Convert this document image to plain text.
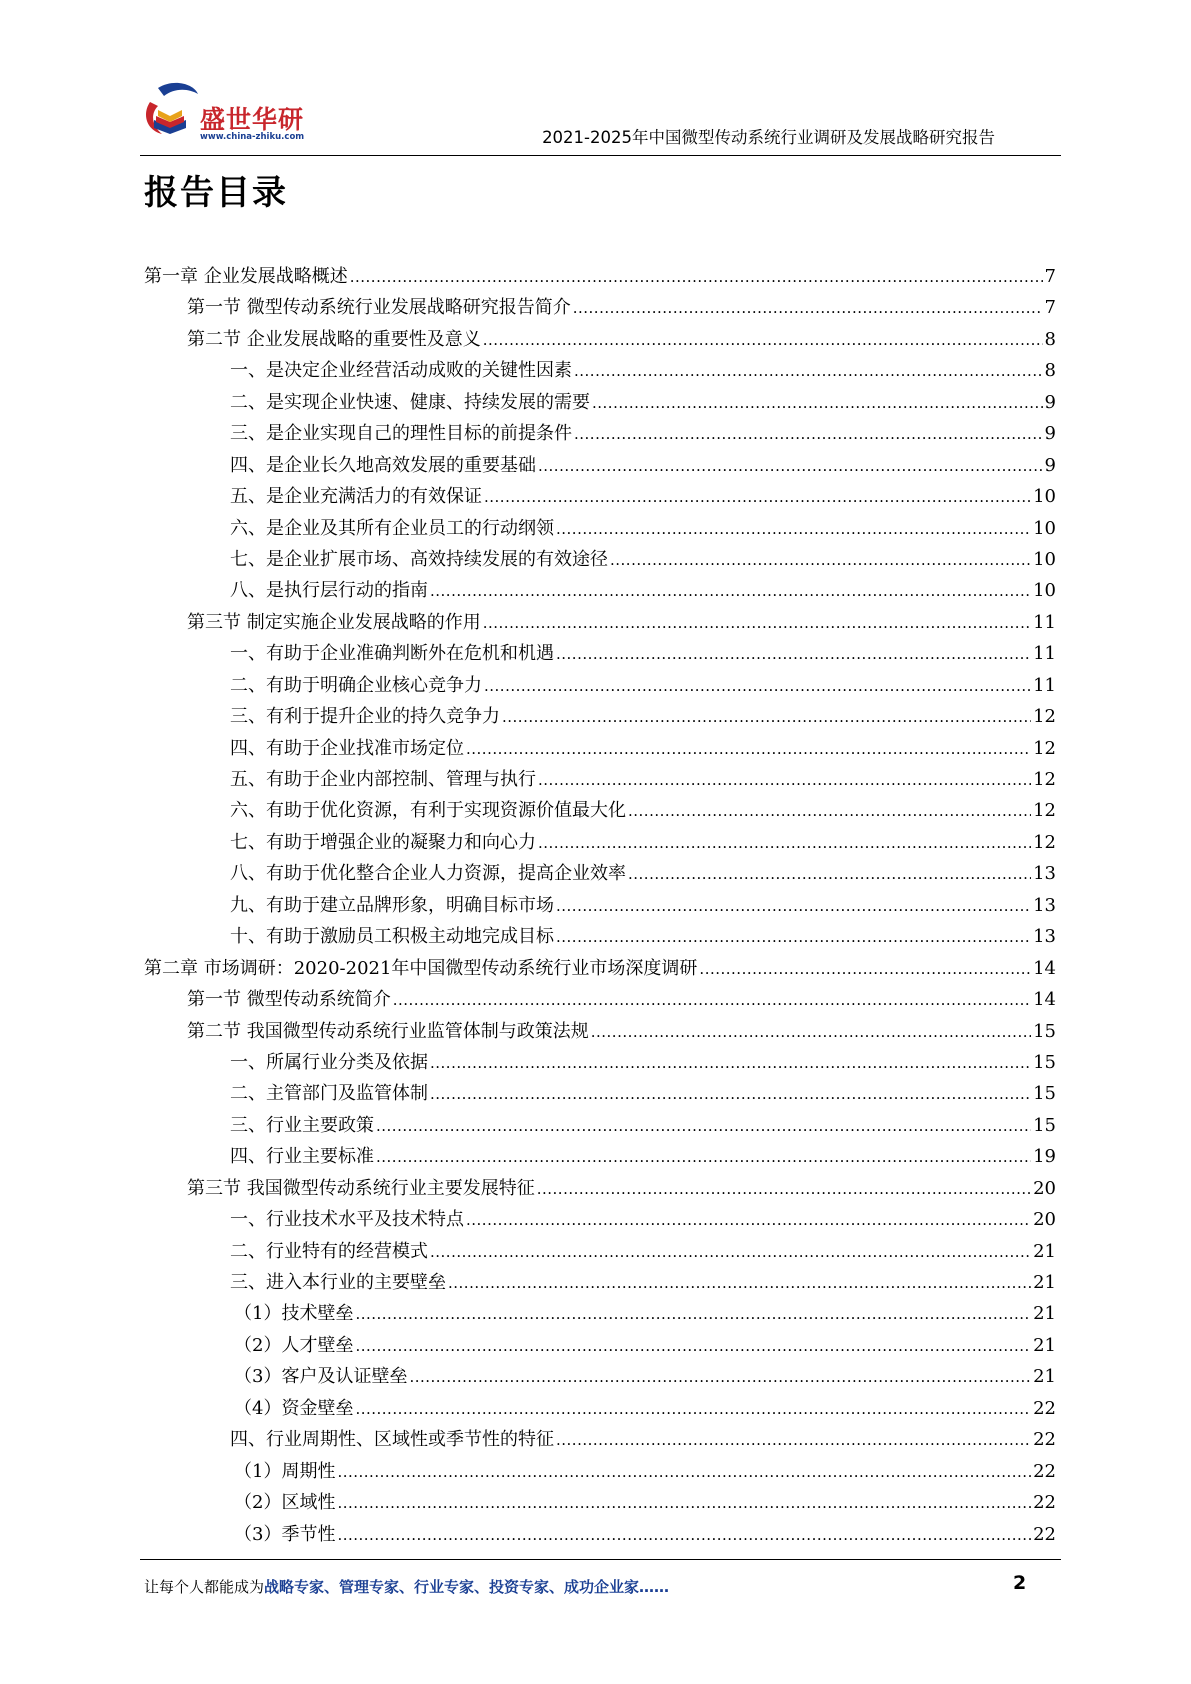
盛世华研
www.china-zhiku.com	2021-2025年中国微型传动系统行业调研及发展战略研究报告
报告目录
第一章 企业发展战略概述 .....	7
第一节 微型传动系统行业发展战略研究报告简介 .....	7
第二节 企业发展战略的重要性及意义 .....	8
一、是决定企业经营活动成败的关键性因素 .....	8
二、是实现企业快速、健康、持续发展的需要 .....	9
三、是企业实现自己的理性目标的前提条件 .....	9
四、是企业长久地高效发展的重要基础 .....	9
五、是企业充满活力的有效保证 .....	10
六、是企业及其所有企业员工的行动纲领 .....	10
七、是企业扩展市场、高效持续发展的有效途径 .....	10
八、是执行层行动的指南 .....	10
第三节 制定实施企业发展战略的作用 .....	11
一、有助于企业准确判断外在危机和机遇 .....	11
二、有助于明确企业核心竞争力 .....	11
三、有利于提升企业的持久竞争力 .....	12
四、有助于企业找准市场定位 .....	12
五、有助于企业内部控制、管理与执行 .....	12
六、有助于优化资源，有利于实现资源价值最大化 .....	12
七、有助于增强企业的凝聚力和向心力 .....	12
八、有助于优化整合企业人力资源，提高企业效率 .....	13
九、有助于建立品牌形象，明确目标市场 .....	13
十、有助于激励员工积极主动地完成目标 .....	13
第二章 市场调研：2020-2021年中国微型传动系统行业市场深度调研 .....	14
第一节 微型传动系统简介 .....	14
第二节 我国微型传动系统行业监管体制与政策法规 .....	15
一、所属行业分类及依据 .....	15
二、主管部门及监管体制 .....	15
三、行业主要政策 .....	15
四、行业主要标准 .....	19
第三节 我国微型传动系统行业主要发展特征 .....	20
一、行业技术水平及技术特点 .....	20
二、行业特有的经营模式 .....	21
三、进入本行业的主要壁垒 .....	21
（1）技术壁垒 .....	21
（2）人才壁垒 .....	21
（3）客户及认证壁垒 .....	21
（4）资金壁垒 .....	22
四、行业周期性、区域性或季节性的特征 .....	22
（1）周期性 .....	22
（2）区域性 .....	22
（3）季节性 .....	22
让每个人都能成为战略专家、管理专家、行业专家、投资专家、成功企业家……	2
